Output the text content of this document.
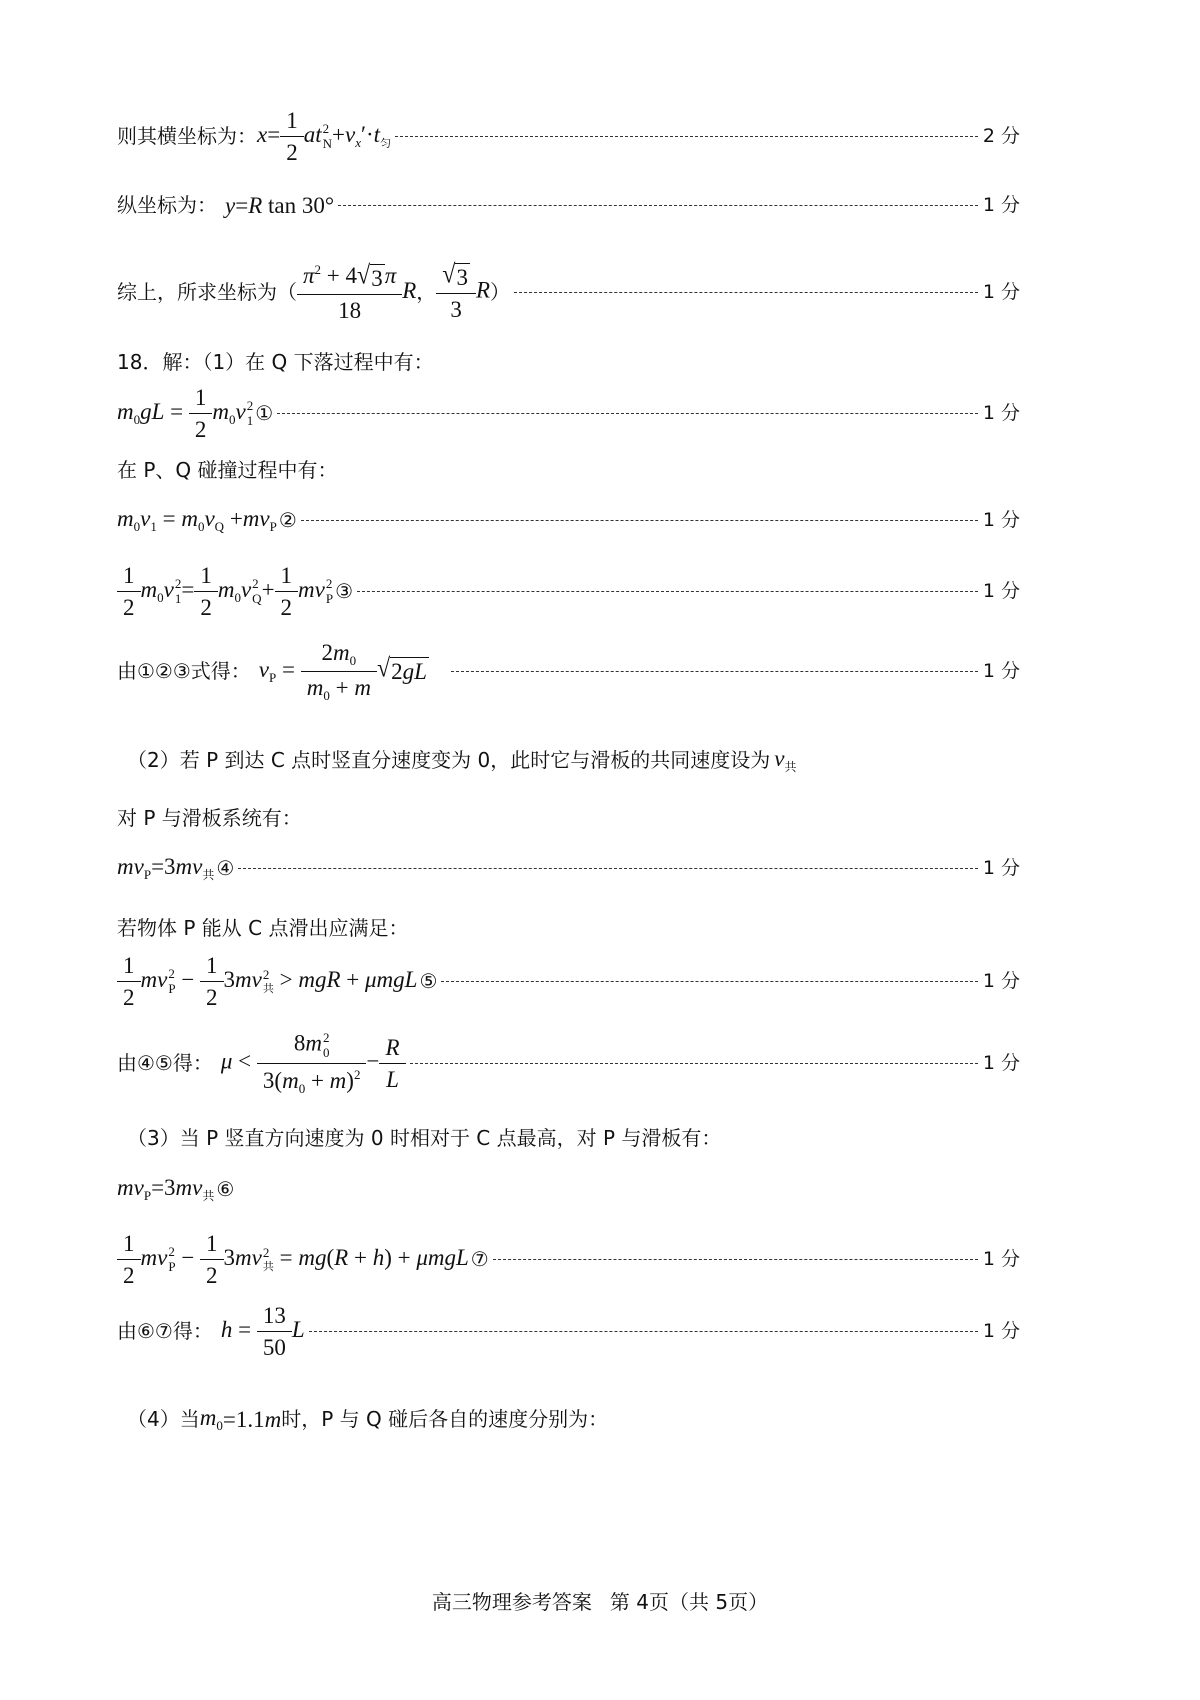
则其横坐标为： $x= \frac{1}{2}$ at 2
$N +v_x'\cdot t_匀$	2 分
纵坐标为： y=R tan 30°	1 分
综上，所求坐标为（ $\frac{\pi^2 + 4 √ 3 \pi}{18}$ R ， $\frac{√ 3}{3}$ R ）	1 分
18．解：（1）在 Q 下落过程中有：
$m_0gL = \frac{1}{2} m_0v$ 2
1 ①	1 分
在 P、Q 碰撞过程中有：
$m_0v_1 = m_0v_Q +mv_P$ ②	1 分
$\frac{1}{2} m_0v$ 2
$1 = \frac{1}{2} m_0v$ 2
$Q + \frac{1}{2}$ mv 2
P ③	1 分
由①②③式得： $v_P = \frac{2m_0}{m_0 + m}$ √ 2gL	1 分
（2）若 P 到达 C 点时竖直分速度变为 0，此时它与滑板的共同速度设为 $v_共$
对 P 与滑板系统有：
$mv_P=3mv_共$ ④	1 分
若物体 P 能从 C 点滑出应满足：
$\frac{1}{2}$ mv 2
$P - \frac{1}{2} 3mv$ 2
共 > mgR + μmgL ⑤	1 分
由④⑤得： μ < 8m 2
0
$3(m_0 + m)^2 - \frac{R}{L}$	1 分
（3）当 P 竖直方向速度为 0 时相对于 C 点最高，对 P 与滑板有：
$mv_P=3mv_共$ ⑥
$\frac{1}{2}$ mv 2
$P - \frac{1}{2} 3mv$ 2
共 = mg(R + h) + μmgL ⑦	1 分
由⑥⑦得： $h = \frac{13}{50}$ L	1 分
（4）当 $m_0 =1.1$ m 时，P 与 Q 碰后各自的速度分别为：
高三物理参考答案 第 4页（共 5页）
